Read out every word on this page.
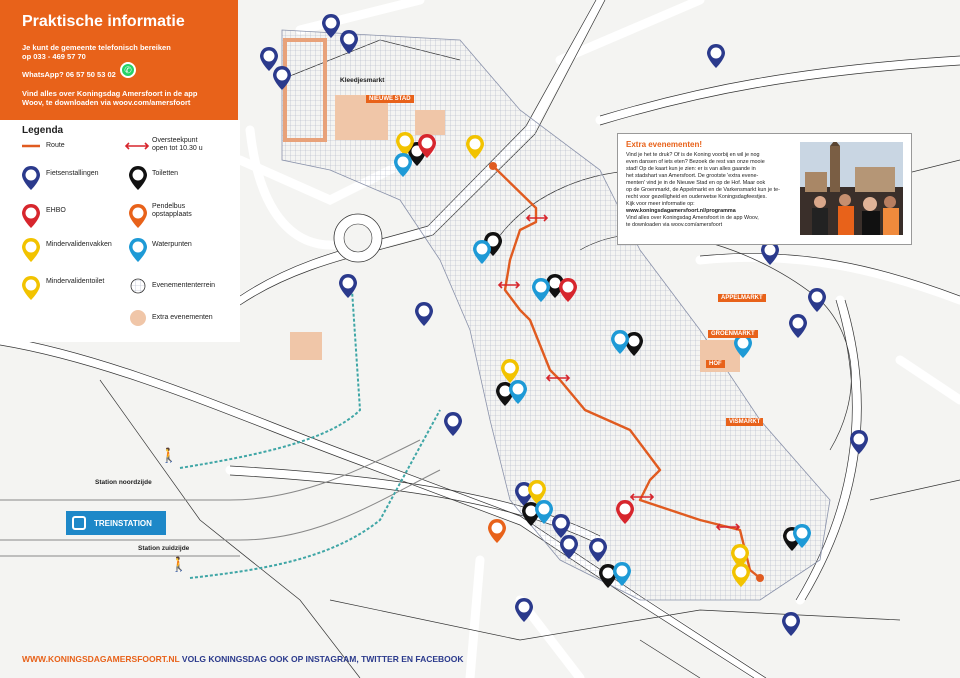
Praktische informatie
Je kunt de gemeente telefonisch bereiken
op 033 - 469 57 70
WhatsApp? 06 57 50 53 02 ✆
Vind alles over Koningsdag Amersfoort in de app
Woov, te downloaden via woov.com/amersfoort
Legenda
Route
Oversteekpunt
open tot 10.30 u
Fietsenstallingen	Toiletten
EHBO
Pendelbus
opstapplaats
Mindervalidenvakken	Waterpunten
Mindervalidentoilet
Evenemententerrein
Extra evenementen
Extra evenementen!
Vind je het te druk? Of is de Koning voorbij en wil je nog
even dansen of iets eten? Bezoek de rest van onze mooie
stad! Op de kaart kun je zien: er is van alles gaande in
het stadshart van Amersfoort. De grootste 'extra evene-
menten' vind je in de Nieuwe Stad en op de Hof. Maar ook
op de Groenmarkt, de Appelmarkt en de Varkensmarkt kun je te-
recht voor gezelligheid en ouderwetse Koningsdagfeestjes.
Kijk voor meer informatie op:
www.koningsdagamersfoort.nl/programma
Vind alles over Koningsdag Amersfoort in de app Woov,
te downloaden via woov.com/amersfoort
Kleedjesmarkt
NIEUWE STAD
APPELMARKT
GROENMARKT
HOF
VISMARKT
TREINSTATION
Station noordzijde
Station zuidzijde
🚶
🚶
WWW.KONINGSDAGAMERSFOORT.NL VOLG KONINGSDAG OOK OP INSTAGRAM, TWITTER EN FACEBOOK
